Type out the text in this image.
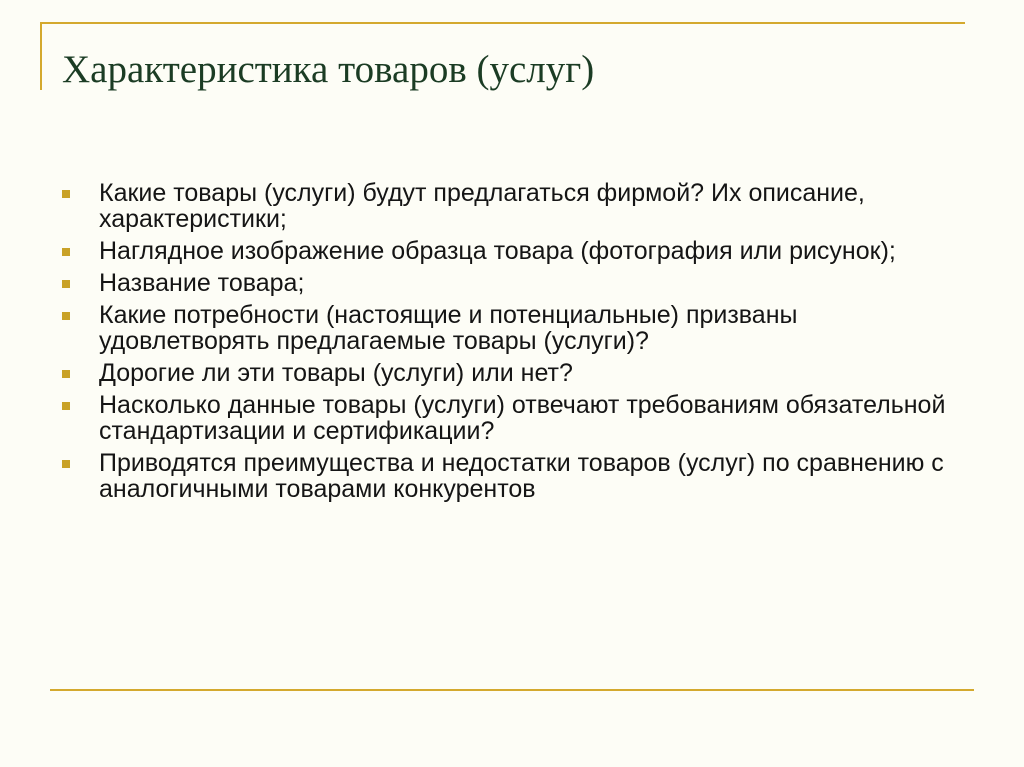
Характеристика товаров (услуг)
Какие товары (услуги) будут предлагаться фирмой? Их описание, характеристики;
Наглядное изображение образца товара (фотография или рисунок);
Название товара;
Какие потребности (настоящие и потенциальные) призваны удовлетворять предлагаемые товары (услуги)?
Дорогие ли эти товары (услуги) или нет?
Насколько данные товары (услуги) отвечают требованиям обязательной стандартизации и сертификации?
Приводятся преимущества и недостатки товаров (услуг) по сравнению с аналогичными товарами конкурентов
